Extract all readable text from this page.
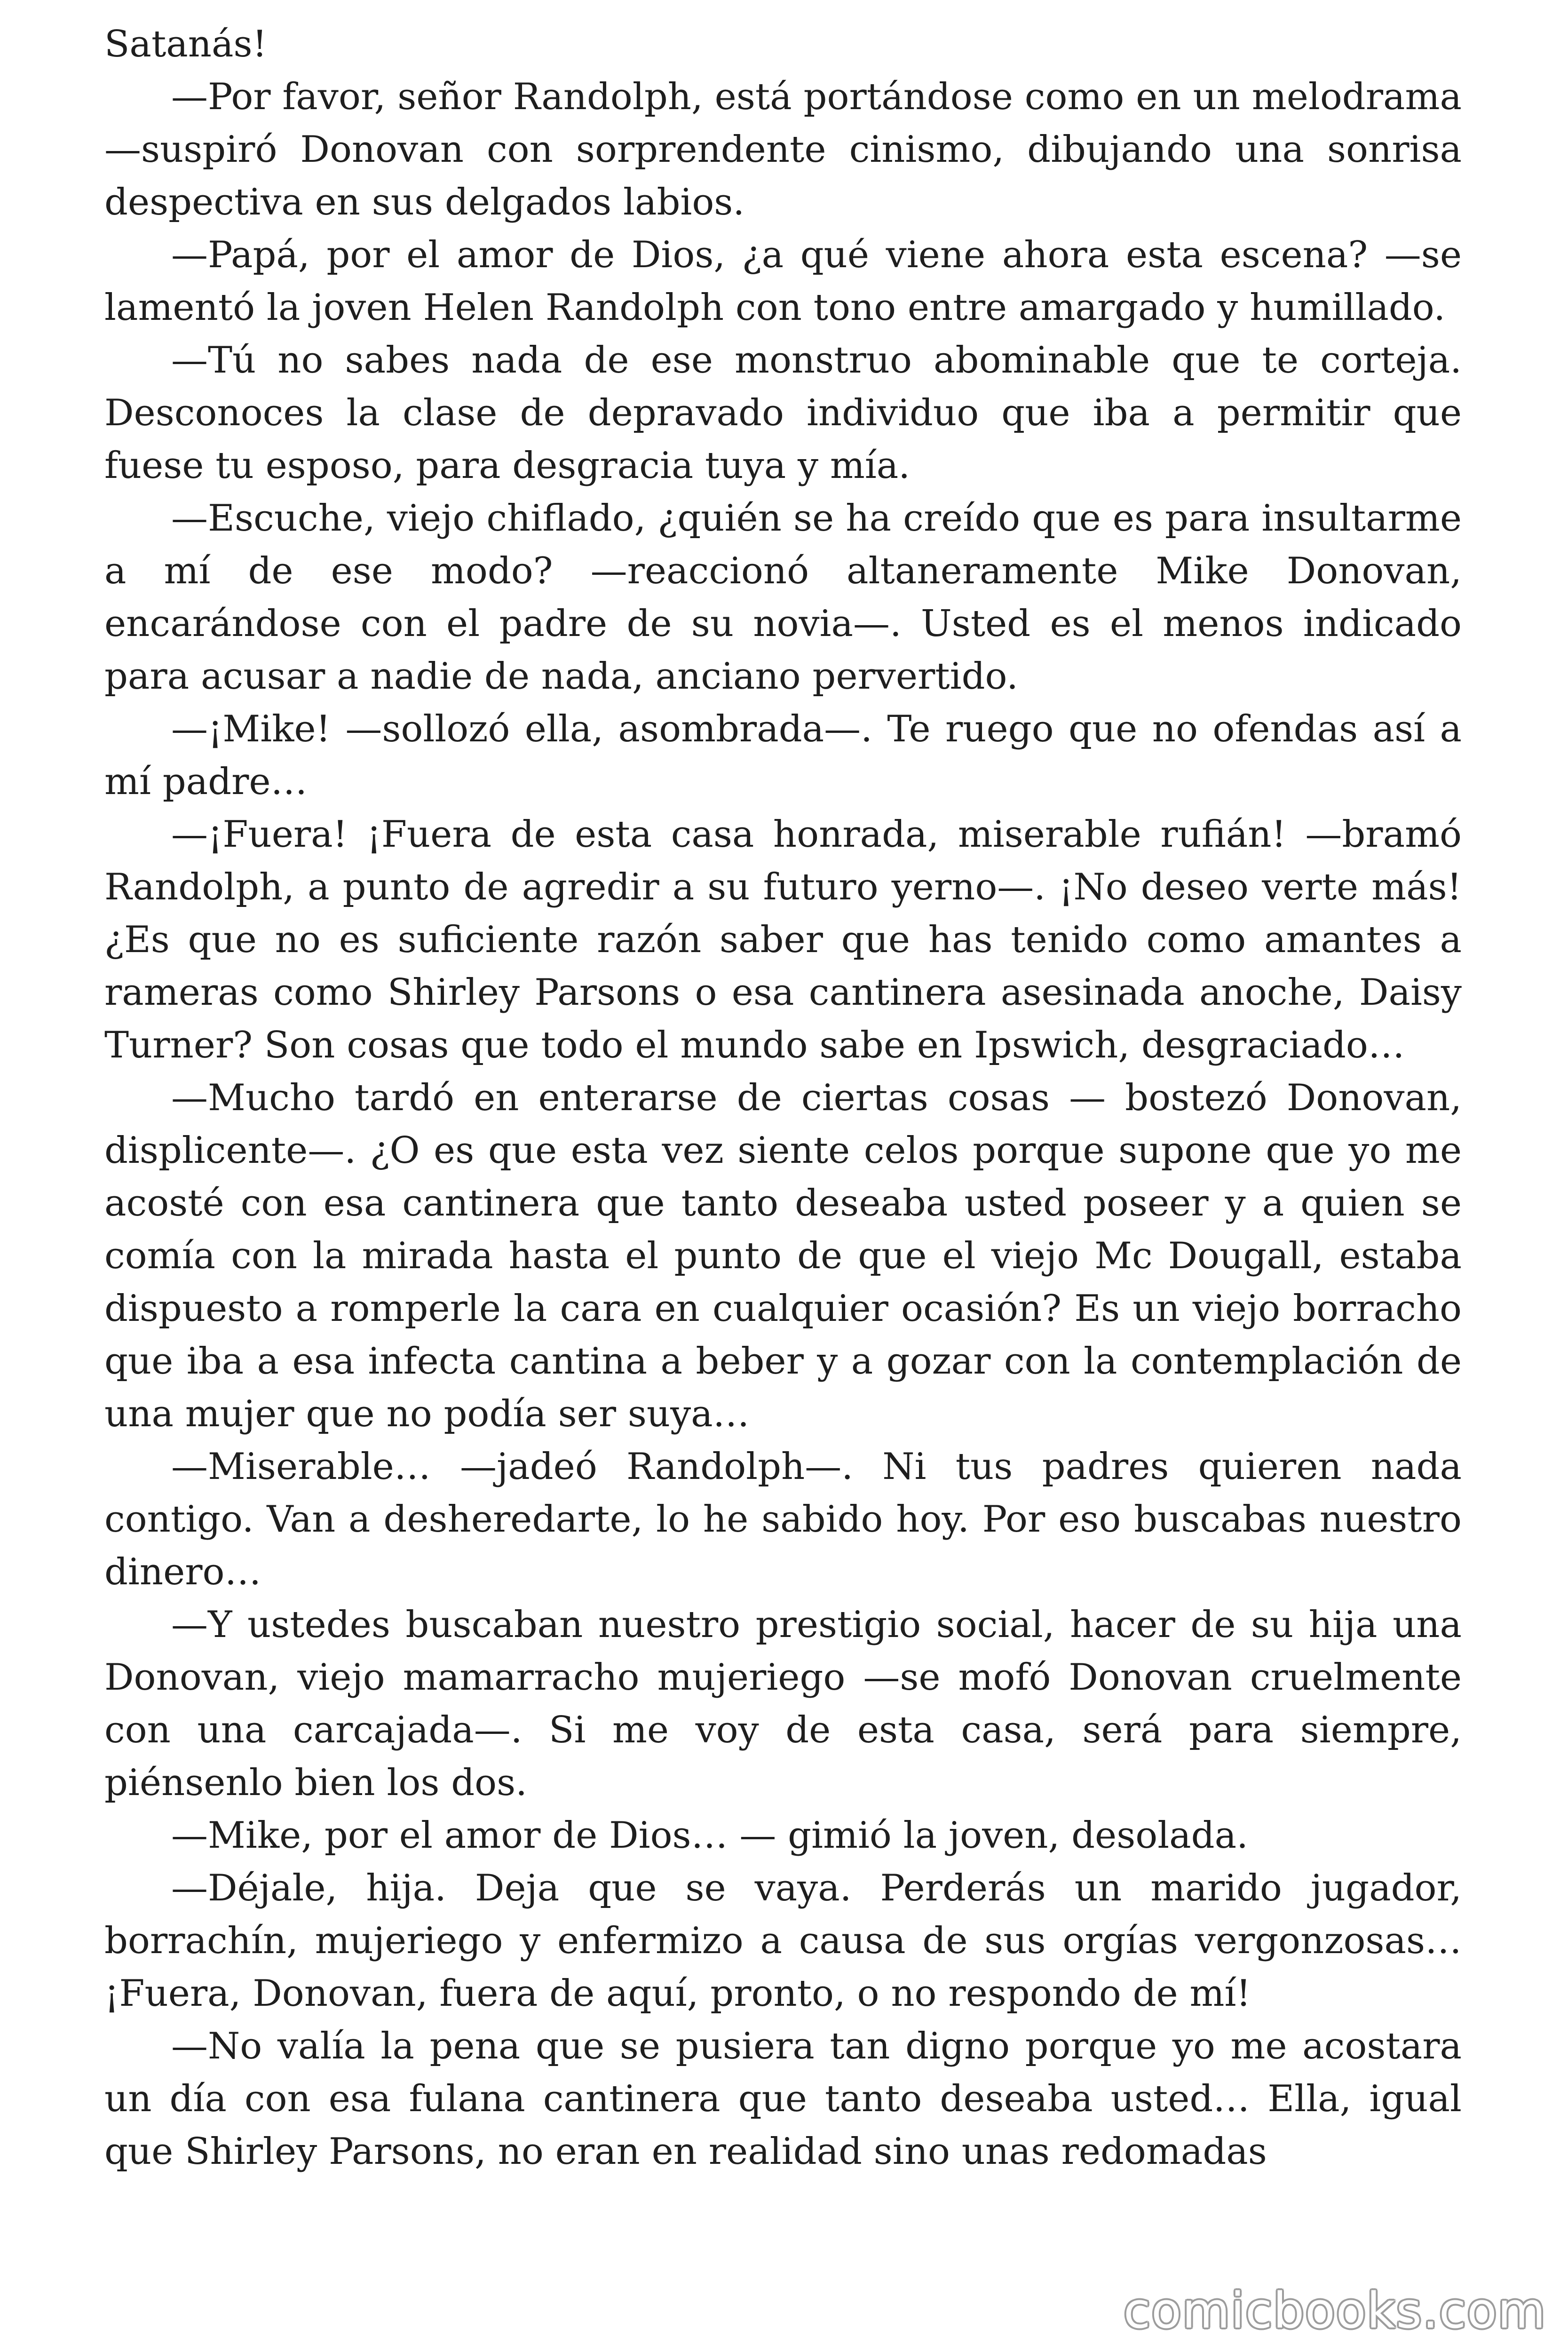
Satanás!

—Por favor, señor Randolph, está portándose como en un melodrama —suspiró Donovan con sorprendente cinismo, dibujando una sonrisa despectiva en sus delgados labios.

—Papá, por el amor de Dios, ¿a qué viene ahora esta escena? —se lamentó la joven Helen Randolph con tono entre amargado y humillado.

—Tú no sabes nada de ese monstruo abominable que te corteja. Desconoces la clase de depravado individuo que iba a permitir que fuese tu esposo, para desgracia tuya y mía.

—Escuche, viejo chiflado, ¿quién se ha creído que es para insultarme a mí de ese modo? —reaccionó altaneramente Mike Donovan, encarándose con el padre de su novia—. Usted es el menos indicado para acusar a nadie de nada, anciano pervertido.

—¡Mike! —sollozó ella, asombrada—. Te ruego que no ofendas así a mí padre…

—¡Fuera! ¡Fuera de esta casa honrada, miserable rufián! —bramó Randolph, a punto de agredir a su futuro yerno—. ¡No deseo verte más! ¿Es que no es suficiente razón saber que has tenido como amantes a rameras como Shirley Parsons o esa cantinera asesinada anoche, Daisy Turner? Son cosas que todo el mundo sabe en Ipswich, desgraciado…

—Mucho tardó en enterarse de ciertas cosas — bostezó Donovan, displicente—. ¿O es que esta vez siente celos porque supone que yo me acosté con esa cantinera que tanto deseaba usted poseer y a quien se comía con la mirada hasta el punto de que el viejo Mc Dougall, estaba dispuesto a romperle la cara en cualquier ocasión? Es un viejo borracho que iba a esa infecta cantina a beber y a gozar con la contemplación de una mujer que no podía ser suya…

—Miserable… —jadeó Randolph—. Ni tus padres quieren nada contigo. Van a desheredarte, lo he sabido hoy. Por eso buscabas nuestro dinero…

—Y ustedes buscaban nuestro prestigio social, hacer de su hija una Donovan, viejo mamarracho mujeriego —se mofó Donovan cruelmente con una carcajada—. Si me voy de esta casa, será para siempre, piénsenlo bien los dos.

—Mike, por el amor de Dios… — gimió la joven, desolada.

—Déjale, hija. Deja que se vaya. Perderás un marido jugador, borrachín, mujeriego y enfermizo a causa de sus orgías vergonzosas… ¡Fuera, Donovan, fuera de aquí, pronto, o no respondo de mí!

—No valía la pena que se pusiera tan digno porque yo me acostara un día con esa fulana cantinera que tanto deseaba usted… Ella, igual que Shirley Parsons, no eran en realidad sino unas redomadas

comicbooks.com
